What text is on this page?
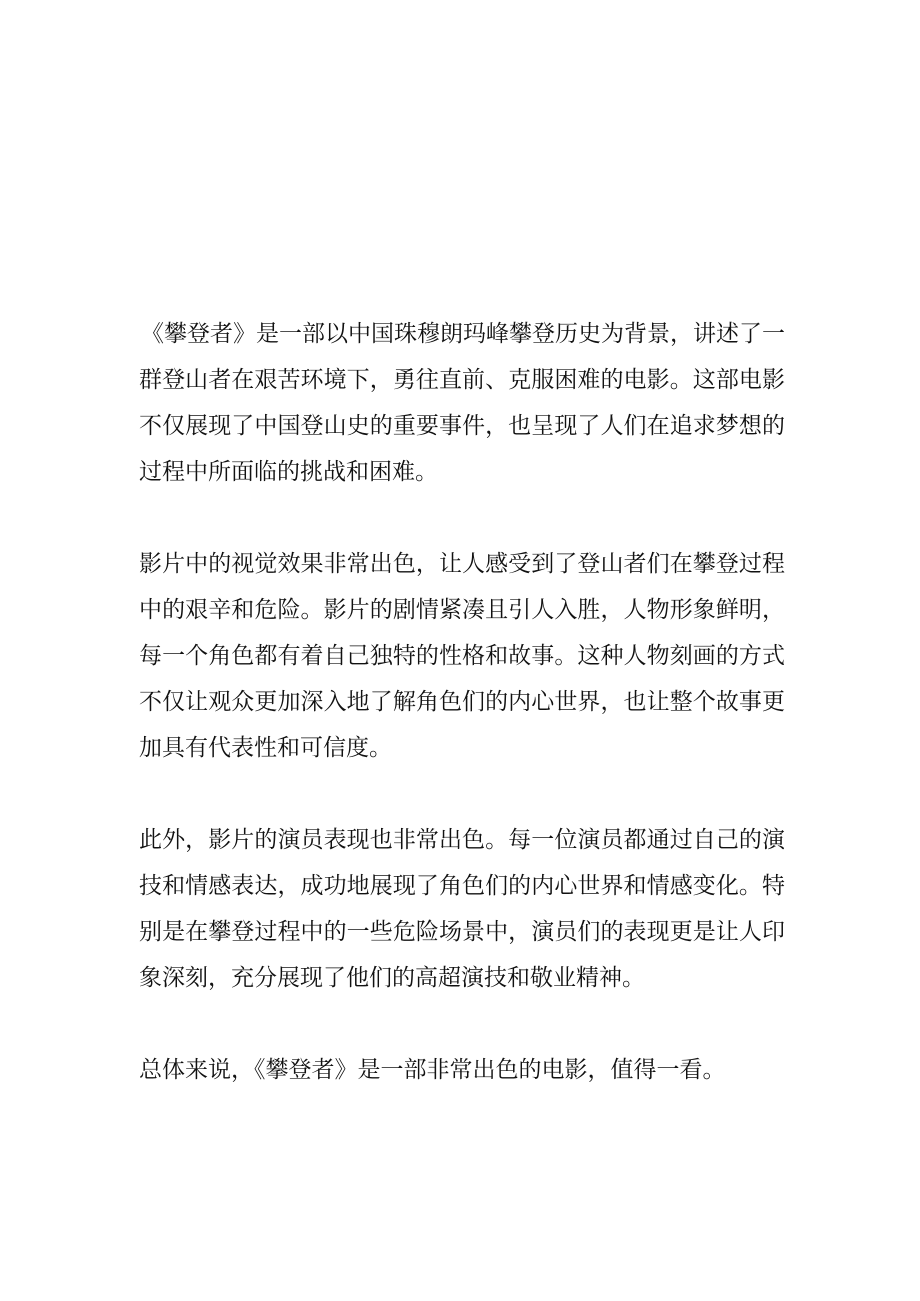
《攀登者》是一部以中国珠穆朗玛峰攀登历史为背景，讲述了一群登山者在艰苦环境下，勇往直前、克服困难的电影。这部电影不仅展现了中国登山史的重要事件，也呈现了人们在追求梦想的过程中所面临的挑战和困难。

影片中的视觉效果非常出色，让人感受到了登山者们在攀登过程中的艰辛和危险。影片的剧情紧凑且引人入胜，人物形象鲜明，每一个角色都有着自己独特的性格和故事。这种人物刻画的方式不仅让观众更加深入地了解角色们的内心世界，也让整个故事更加具有代表性和可信度。

此外，影片的演员表现也非常出色。每一位演员都通过自己的演技和情感表达，成功地展现了角色们的内心世界和情感变化。特别是在攀登过程中的一些危险场景中，演员们的表现更是让人印象深刻，充分展现了他们的高超演技和敬业精神。

总体来说，《攀登者》是一部非常出色的电影，值得一看。
